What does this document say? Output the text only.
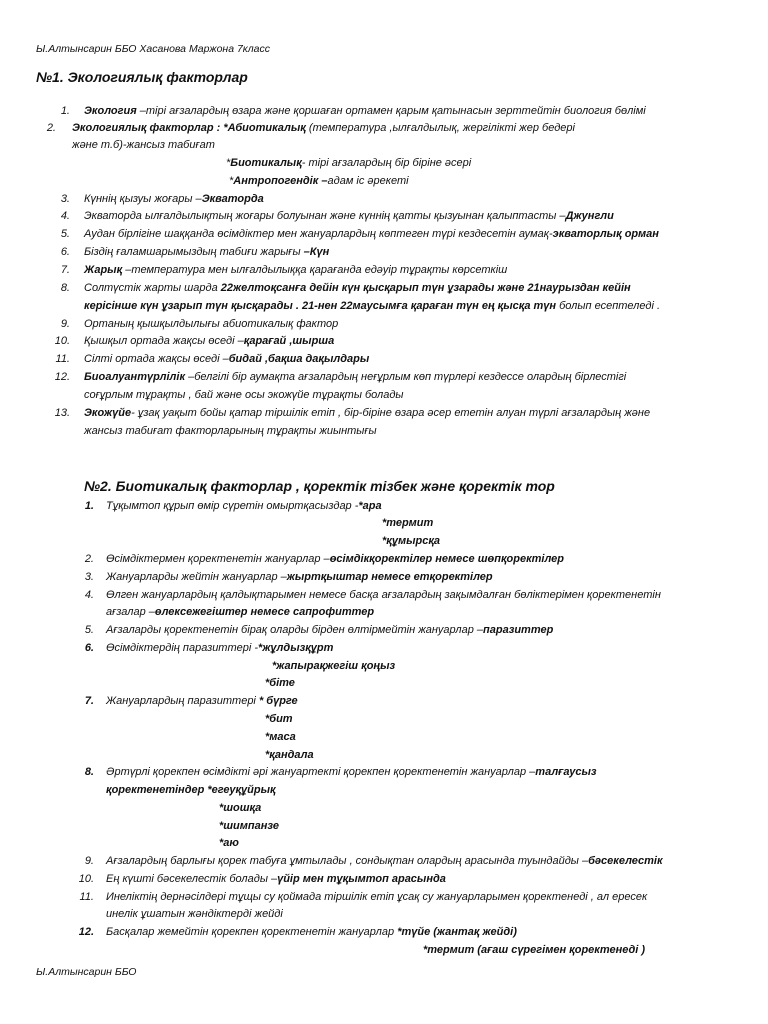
Ы.Алтынсарин ББО Хасанова Маржона 7класс
№1. Экологиялық факторлар
1. Экология –тірі ағзалардың өзара және қоршаған ортамен қарым қатынасын зерттейтін биология бөлімі
2. Экологиялық факторлар : *Абиотикалық (температура ,ылғалдылық, жергілікті жер бедері
және т.б)-жансыз табиғат
*Биотикалық- тірі ағзалардың бір біріне әсері
*Антропогендік –адам іс әрекеті
3. Күннің қызуы жоғары –Экваторда
4. Экваторда ылғалдылықтың жоғары болуынан және күннің қатты қызуынан қалыптасты –Джунгли
5. Аудан бірлігіне шаққанда өсімдіктер мен жануарлардың көптеген түрі кездесетін аумақ-экваторлық орман
6. Біздің ғаламшарымыздың табиғи жарығы –Күн
7. Жарық –температура мен ылғалдылыққа қарағанда едәуір тұрақты көрсеткіш
8. Солтүстік жарты шарда 22желтоқсанға дейін күн қысқарып түн ұзарады және 21наурыздан кейін
керісінше күн ұзарып түн қысқарады . 21-нен 22маусымға қараған түн ең қысқа түн болып есептеледі .
9. Ортаның қышқылдылығы абиотикалық фактор
10. Қышқыл ортада жақсы өседі –қарағай ,шырша
11. Сілті ортада жақсы өседі –бидай ,бақша дақылдары
12. Биоалуантүрлілік –белгілі бір аумақта ағзалардың неғұрлым көп түрлері кездессе олардың бірлестігі
соғұрлым тұрақты , бай және осы экожүйе тұрақты болады
13. Экожүйе- ұзақ уақыт бойы қатар тіршілік етіп , бір-біріне өзара әсер ететін алуан түрлі ағзалардың және
жансыз табиғат факторларының тұрақты жиынтығы
№2. Биотикалық факторлар , қоректік тізбек және қоректік тор
1. Тұқымтоп құрып өмір сүретін омыртқасыздар -*ара
*термит
*құмырсқа
2. Өсімдіктермен қоректенетін жануарлар –өсімдікқоректілер немесе шөпқоректілер
3. Жануарларды жейтін жануарлар –жыртқыштар немесе етқоректілер
4. Өлген жануарлардың қалдықтарымен немесе басқа ағзалардың зақымдалған бөліктерімен қоректенетін
ағзалар –өлексежегіштер немесе сапрофиттер
5. Ағзаларды қоректенетін бірақ оларды бірден өлтірмейтін жануарлар –паразиттер
6. Өсімдіктердің паразиттері -*жұлдызқұрт
*жапырақжегіш қоңыз
*біте
7. Жануарлардың паразиттері * бүрге
*бит
*маса
*қандала
8. Әртүрлі қорекпен өсімдікті әрі жануартекті қорекпен қоректенетін жануарлар –талғаусыз
қоректенетіндер *егеуқұйрық
*шошқа
*шимпанзе
*аю
9. Ағзалардың барлығы қорек табуға ұмтылады , сондықтан олардың арасында туындайды –бәсекелестік
10. Ең күшті бәсекелестік болады –үйір мен тұқымтоп арасында
11. Инеліктің дернәсілдері тұщы су қоймада тіршілік етіп ұсақ су жануарларымен қоректенеді , ал ересек
инелік ұшатын жәндіктерді жейді
12. Басқалар жемейтін қорекпен қоректенетін жануарлар *түйе (жантақ жейді)
*термит (ағаш сүрегімен қоректенеді )
Ы.Алтынсарин ББО
